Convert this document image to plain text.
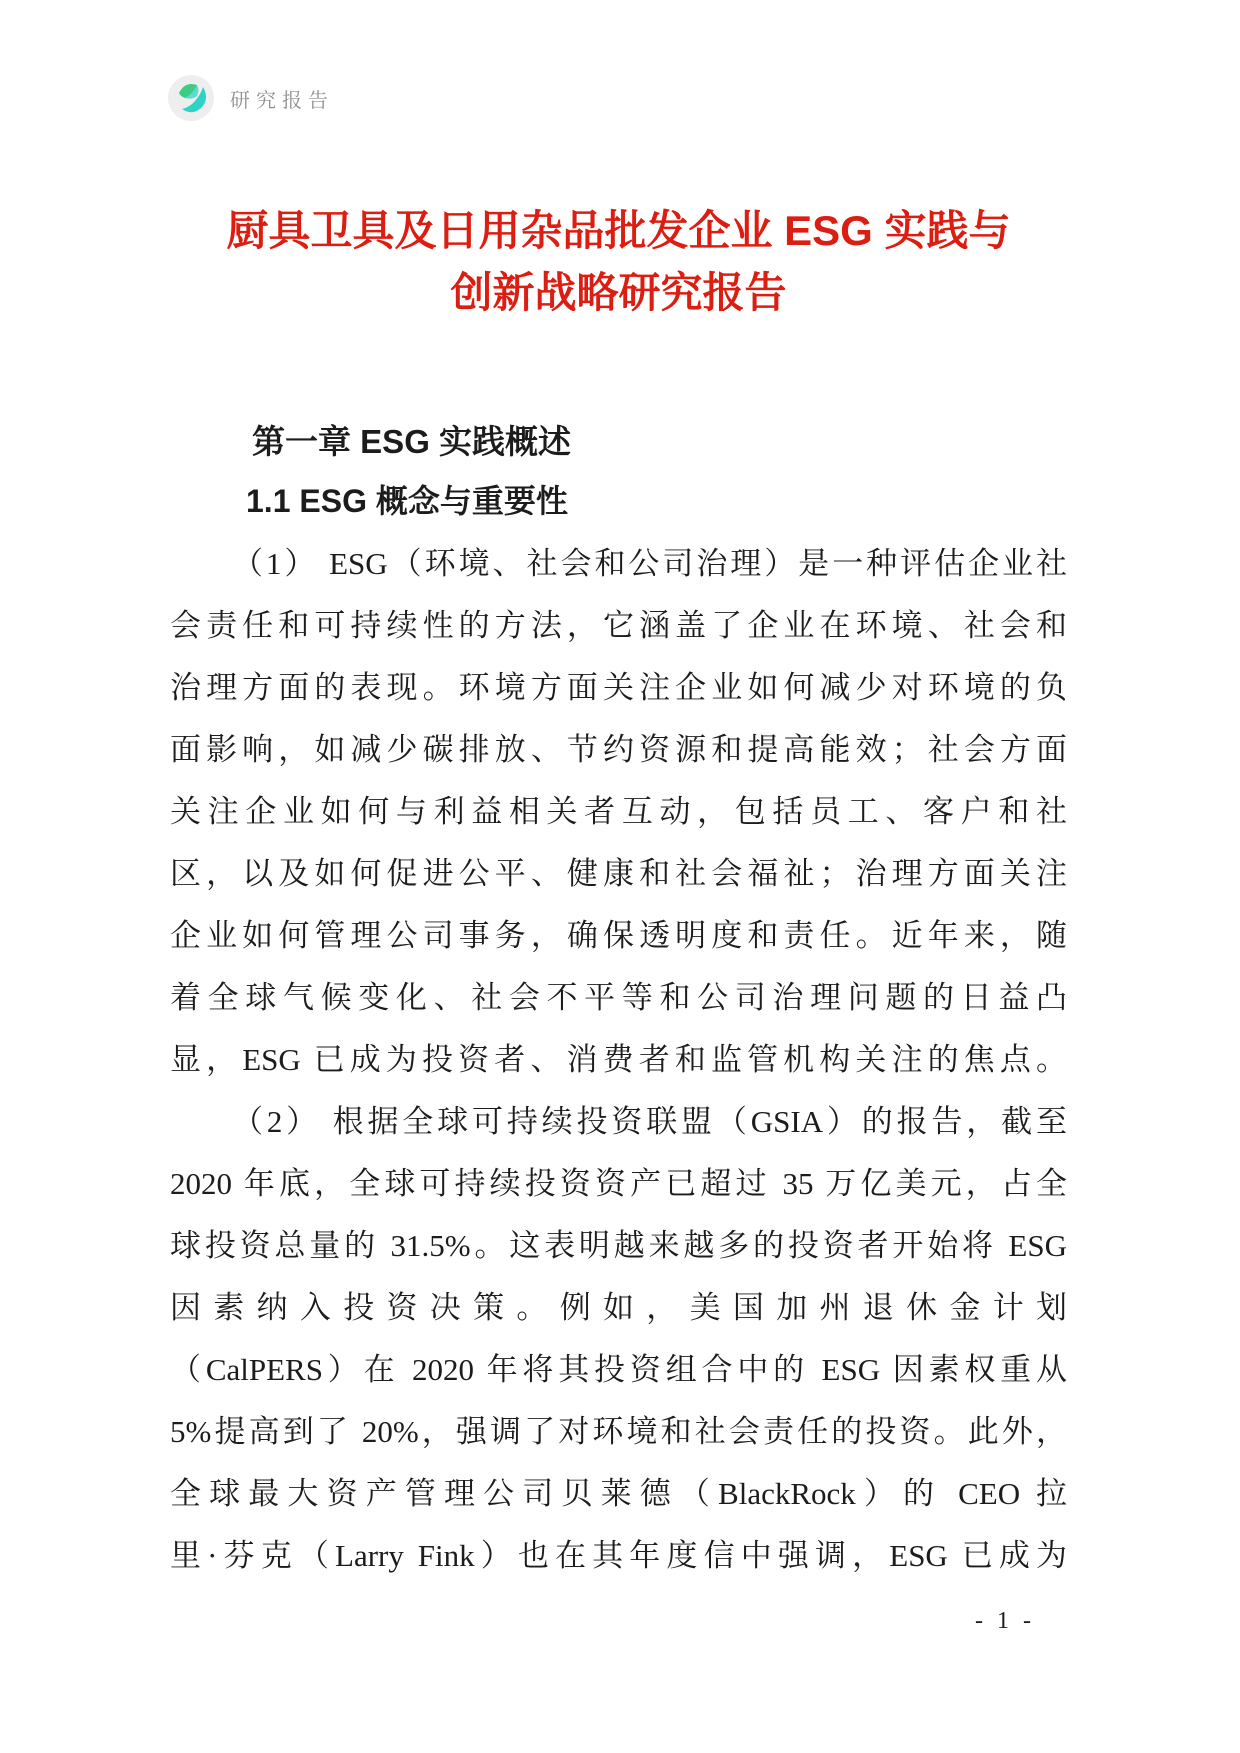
研究报告
厨具卫具及日用杂品批发企业 ESG 实践与
创新战略研究报告
第一章 ESG 实践概述
1.1 ESG 概念与重要性

（1） ESG（环境、社会和公司治理）是一种评估企业社
会责任和可持续性的方法，它涵盖了企业在环境、社会和
治理方面的表现。环境方面关注企业如何减少对环境的负
面影响，如减少碳排放、节约资源和提高能效；社会方面
关注企业如何与利益相关者互动，包括员工、客户和社
区，以及如何促进公平、健康和社会福祉；治理方面关注
企业如何管理公司事务，确保透明度和责任。近年来，随
着全球气候变化、社会不平等和公司治理问题的日益凸
显，ESG 已成为投资者、消费者和监管机构关注的焦点。

（2） 根据全球可持续投资联盟（GSIA）的报告，截至
2020 年底，全球可持续投资资产已超过 35 万亿美元，占全
球投资总量的 31.5%。这表明越来越多的投资者开始将 ESG
因素纳入投资决策。例如，美国加州退休金计划
（CalPERS）在 2020 年将其投资组合中的 ESG 因素权重从
5%提高到了 20%，强调了对环境和社会责任的投资。此外，
全球最大资产管理公司贝莱德（BlackRock）的 CEO 拉
里·芬克（Larry Fink）也在其年度信中强调，ESG 已成为

- 1 -
